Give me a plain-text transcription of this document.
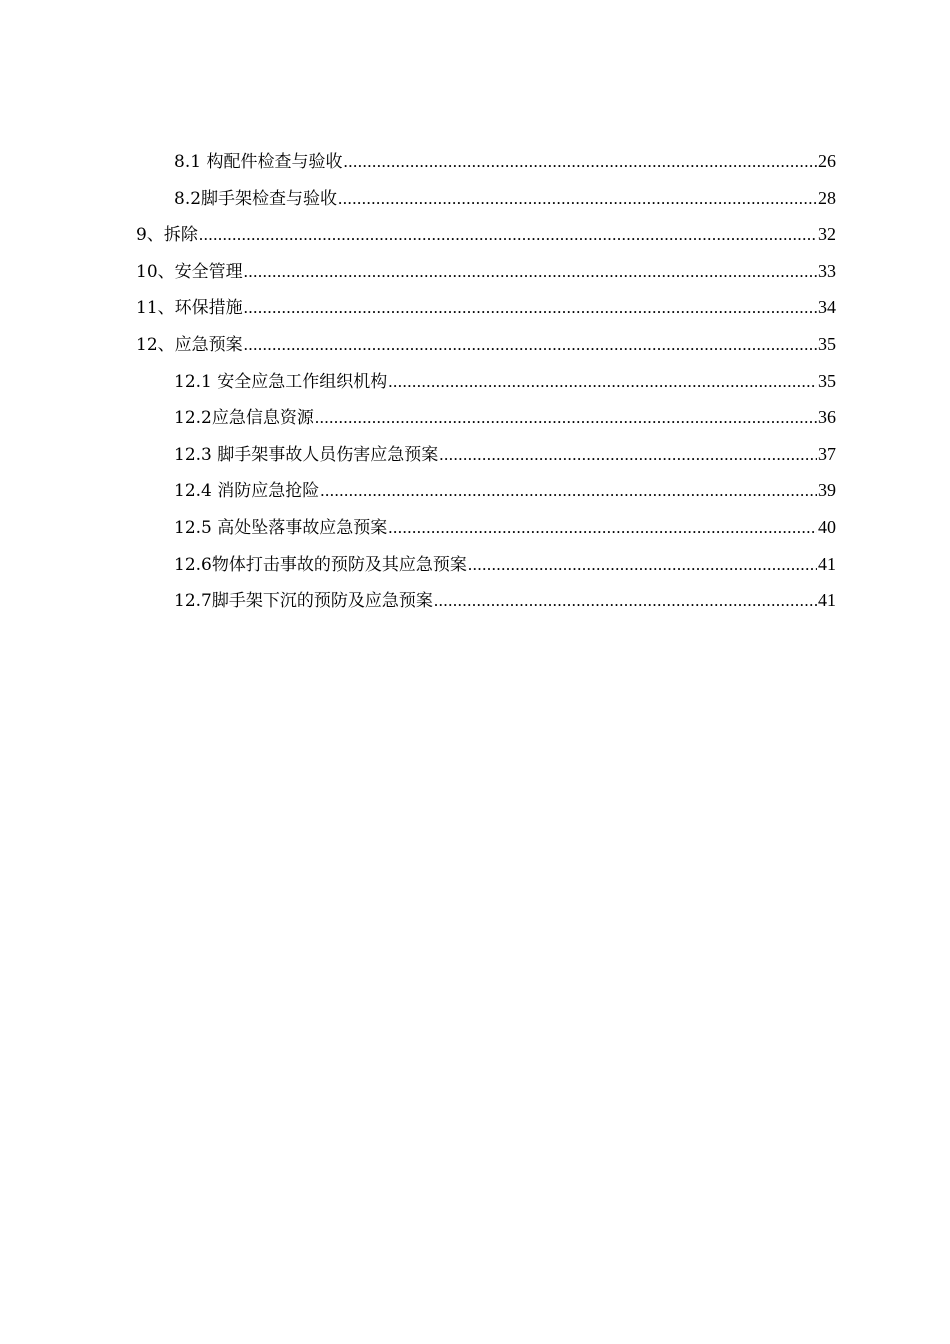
8.1 构配件检查与验收 .....	26
8.2脚手架检查与验收 .....	28
9、拆除 .....	32
10、安全管理 .....	33
11、环保措施 .....	34
12、应急预案 .....	35
12.1 安全应急工作组织机构 .....	35
12.2应急信息资源 .....	36
12.3 脚手架事故人员伤害应急预案 .....	37
12.4 消防应急抢险 .....	39
12.5 高处坠落事故应急预案 .....	40
12.6物体打击事故的预防及其应急预案 .....	41
12.7脚手架下沉的预防及应急预案 .....	41
